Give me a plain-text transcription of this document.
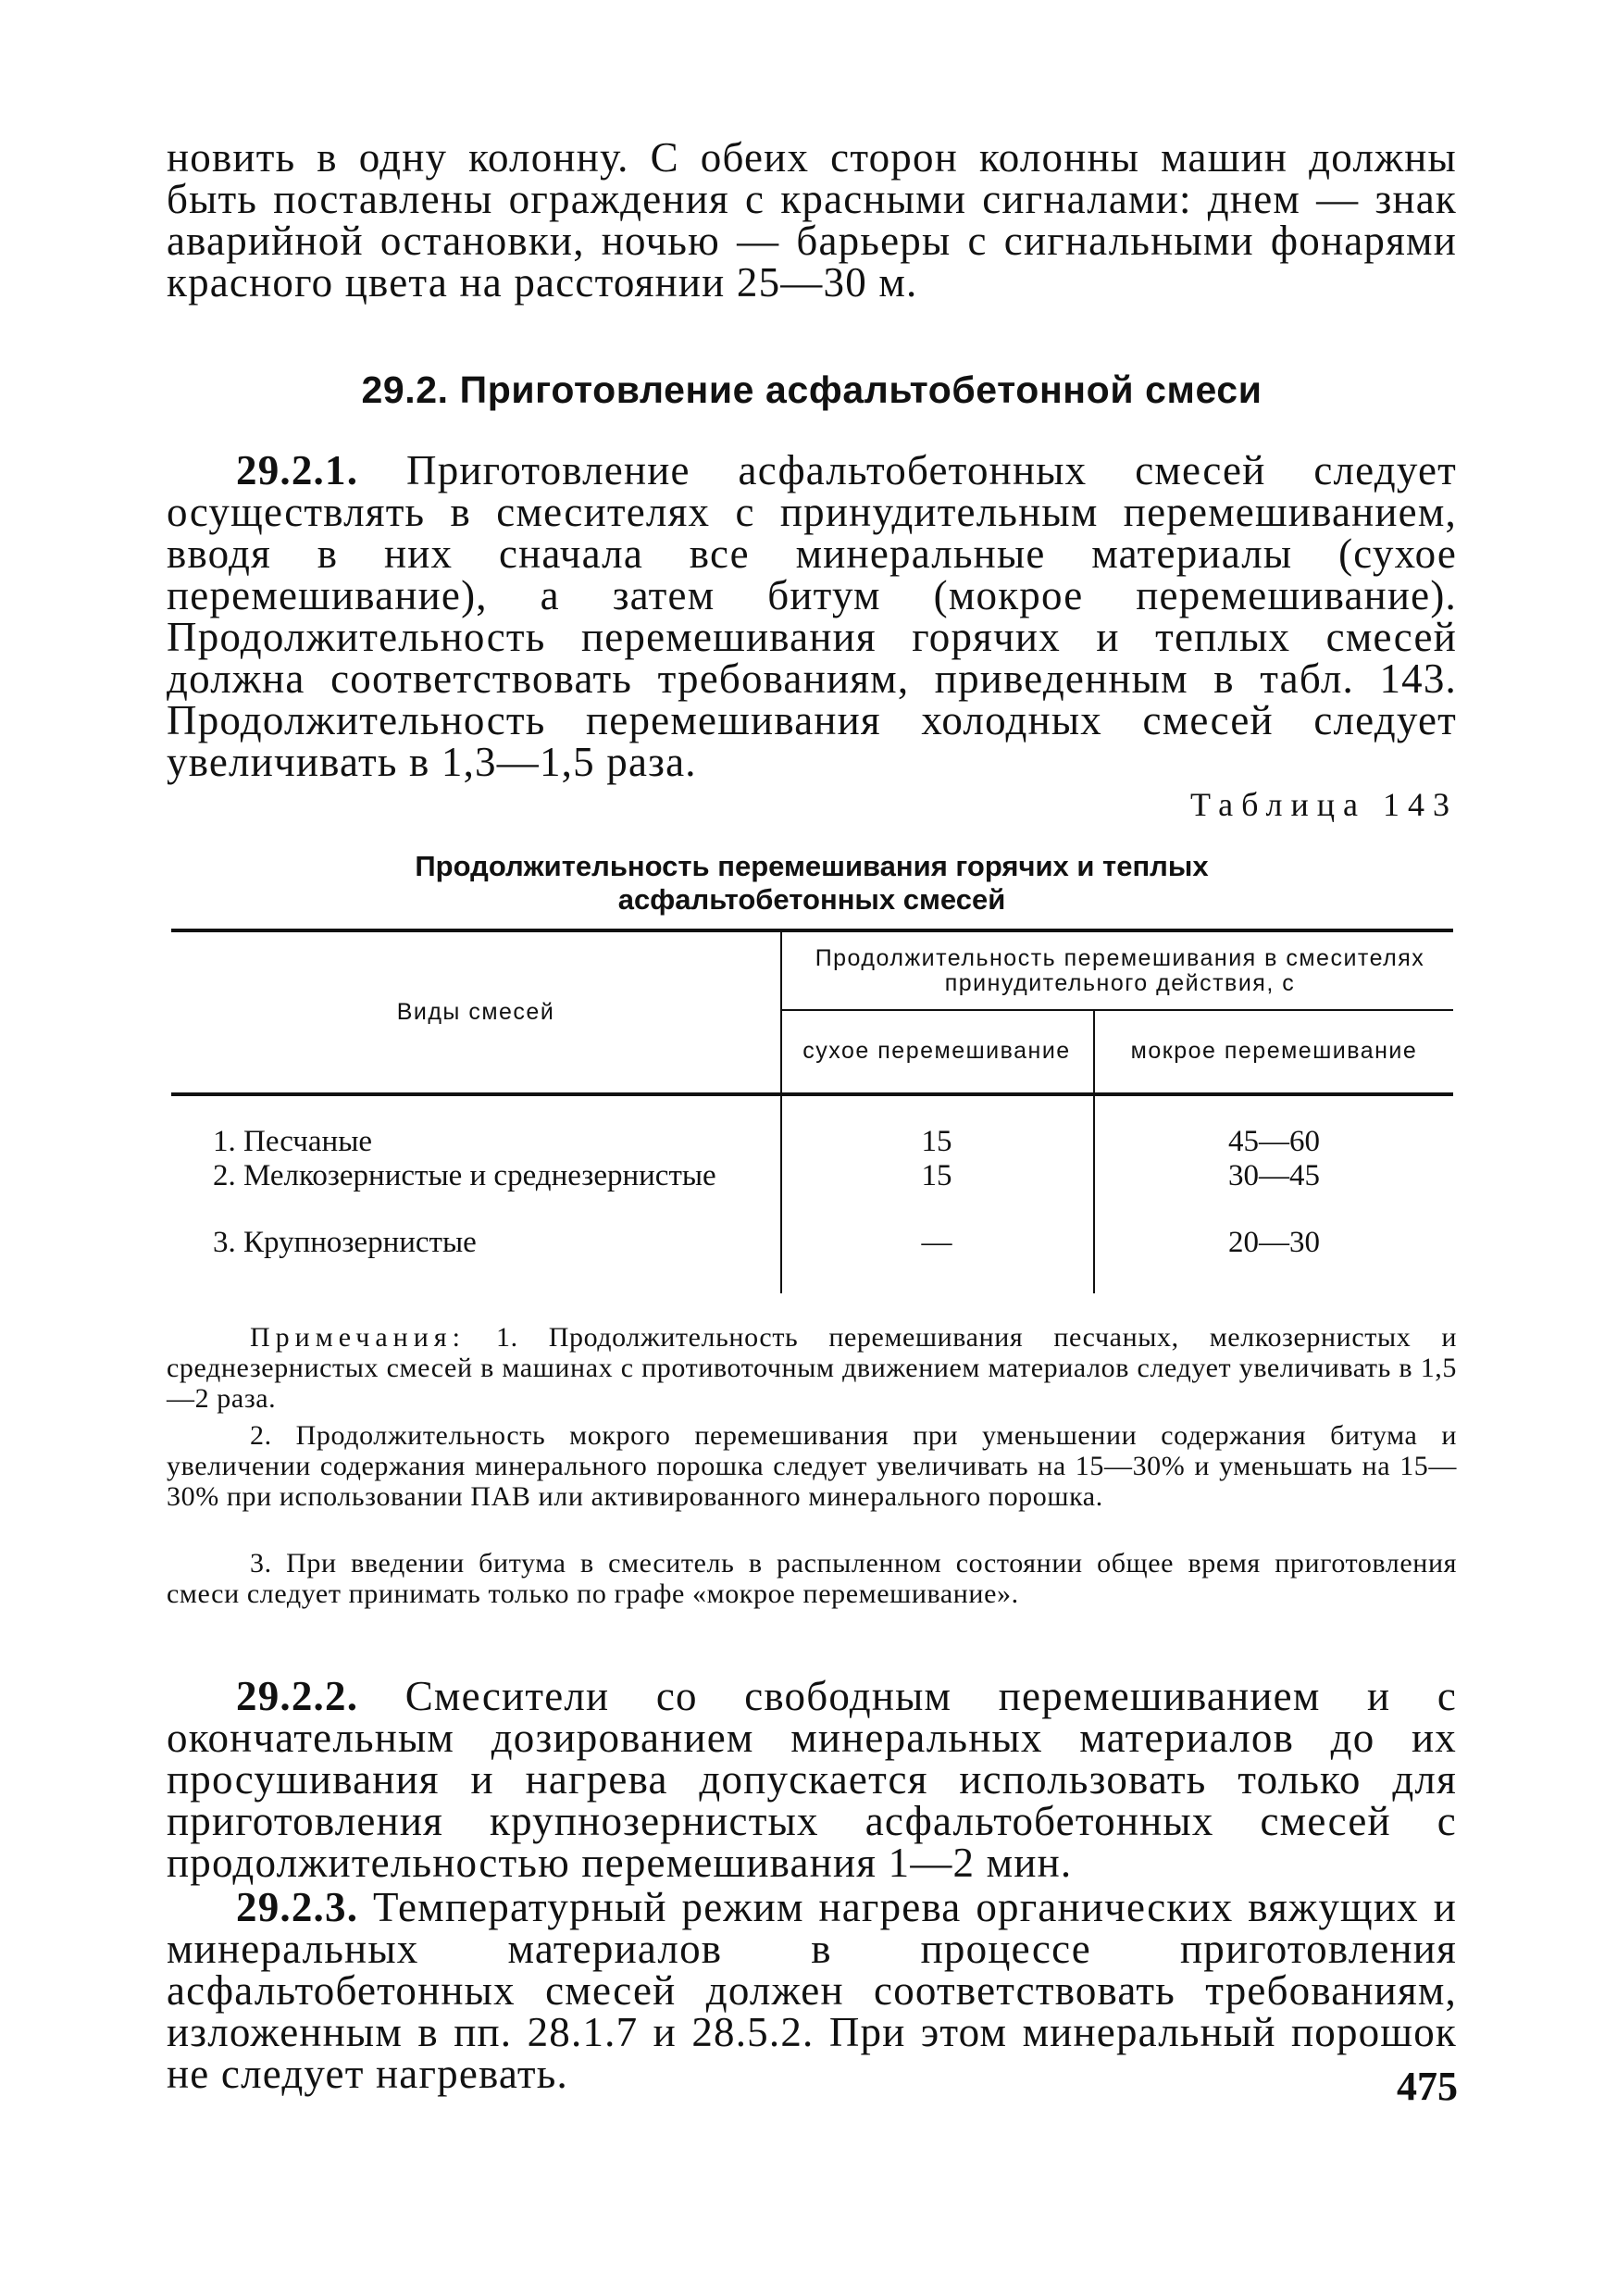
новить в одну колонну. С обеих сторон колонны машин должны быть поставлены ограждения с красными сигналами: днем — знак аварийной остановки, ночью — барьеры с сигнальными фонарями красного цвета на расстоянии 25—30 м.
29.2. Приготовление асфальтобетонной смеси
29.2.1. Приготовление асфальтобетонных смесей следует осуществлять в смесителях с принудительным перемешиванием, вводя в них сначала все минеральные материалы (сухое перемешивание), а затем битум (мокрое перемешивание). Продолжительность перемешивания горячих и теплых смесей должна соответствовать требованиям, приведенным в табл. 143. Продолжительность перемешивания холодных смесей следует увеличивать в 1,3—1,5 раза.
Таблица 143
Продолжительность перемешивания горячих и теплых
асфальтобетонных смесей
Виды смесей
Продолжительность перемешивания в смесителях принудительного действия, с
сухое перемешивание	мокрое перемешивание
1. Песчаные	15	45—60
2. Мелкозернистые и среднезернистые	15	30—45
3. Крупнозернистые	—	20—30
Примечания: 1. Продолжительность перемешивания песчаных, мелкозернистых и среднезернистых смесей в машинах с противоточным движением материалов следует увеличивать в 1,5—2 раза.
2. Продолжительность мокрого перемешивания при уменьшении содержания битума и увеличении содержания минерального порошка следует увеличивать на 15—30% и уменьшать на 15—30% при использовании ПАВ или активированного минерального порошка.
3. При введении битума в смеситель в распыленном состоянии общее время приготовления смеси следует принимать только по графе «мокрое перемешивание».
29.2.2. Смесители со свободным перемешиванием и с окончательным дозированием минеральных материалов до их просушивания и нагрева допускается использовать только для приготовления крупнозернистых асфальтобетонных смесей с продолжительностью перемешивания 1—2 мин.
29.2.3. Температурный режим нагрева органических вяжущих и минеральных материалов в процессе приготовления асфальтобетонных смесей должен соответствовать требованиям, изложенным в пп. 28.1.7 и 28.5.2. При этом минеральный порошок не следует нагревать.	475
